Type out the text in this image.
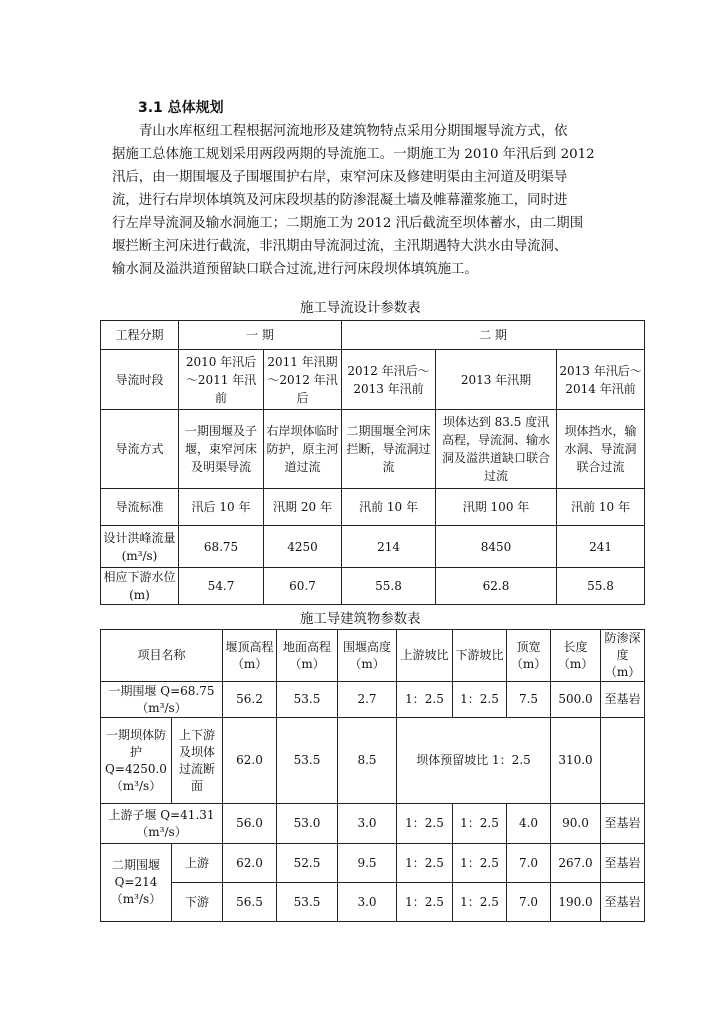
3.1 总体规划
青山水库枢纽工程根据河流地形及建筑物特点采用分期围堰导流方式，依
据施工总体施工规划采用两段两期的导流施工。一期施工为 2010 年汛后到 2012
汛后，由一期围堰及子围堰围护右岸，束窄河床及修建明渠由主河道及明渠导
流，进行右岸坝体填筑及河床段坝基的防渗混凝土墙及帷幕灌浆施工，同时进
行左岸导流洞及输水洞施工；二期施工为 2012 汛后截流至坝体蓄水，由二期围
堰拦断主河床进行截流，非汛期由导流洞过流，主汛期遇特大洪水由导流洞、
输水洞及溢洪道预留缺口联合过流,进行河床段坝体填筑施工。
施工导流设计参数表
工程分期	一 期		二 期		
导流时段	2010 年汛后～2011 年汛前	2011 年汛期～2012 年汛后	2012 年汛后～2013 年汛前	2013 年汛期	2013 年汛后～2014 年汛前
导流方式	一期围堰及子堰，束窄河床及明渠导流	右岸坝体临时防护，原主河道过流	二期围堰全河床拦断，导流洞过流	坝体达到 83.5 度汛高程，导流洞、输水洞及溢洪道缺口联合过流	坝体挡水，输水洞、导流洞联合过流
导流标准	汛后 10 年	汛期 20 年	汛前 10 年	汛期 100 年	汛前 10 年
设计洪峰流量(m³/s)	68.75	4250	214	8450	241
相应下游水位(m)	54.7	60.7	55.8	62.8	55.8
施工导建筑物参数表
项目名称		堰顶高程（m）	地面高程（m）	围堰高度（m）	上游坡比	下游坡比	顶宽（m）	长度（m）	防渗深度（m）
一期围堰 Q=68.75（m³/s）		56.2	53.5	2.7	1：2.5	1：2.5	7.5	500.0	至基岩
一期坝体防护 Q=4250.0（m³/s）	上下游及坝体过流断面	62.0	53.5	8.5	坝体预留坡比 1：2.5			310.0	
上游子堰 Q=41.31（m³/s）		56.0	53.0	3.0	1：2.5	1：2.5	4.0	90.0	至基岩
二期围堰 Q=214（m³/s）	上游	62.0	52.5	9.5	1：2.5	1：2.5	7.0	267.0	至基岩
	下游	56.5	53.5	3.0	1：2.5	1：2.5	7.0	190.0	至基岩
